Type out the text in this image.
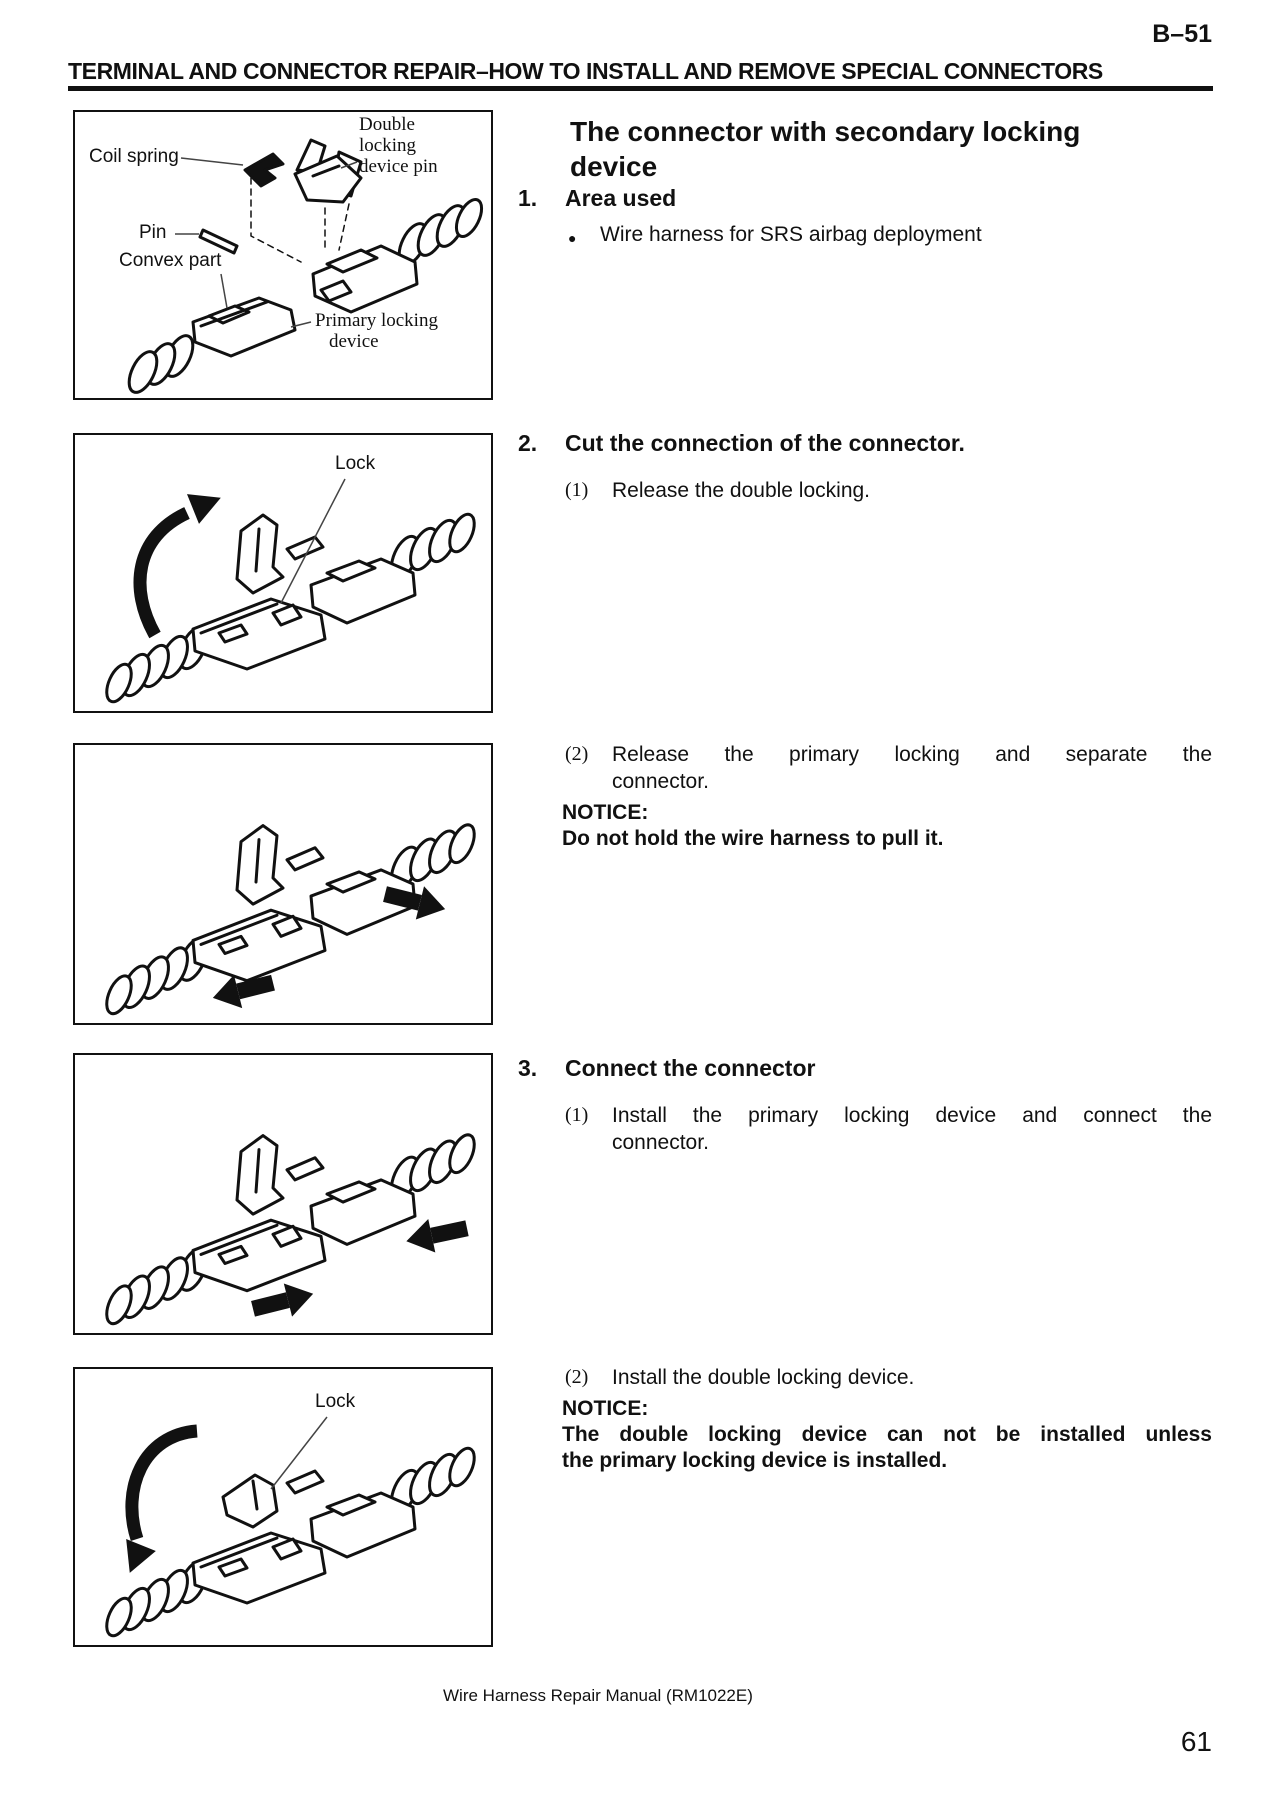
B–51
TERMINAL AND CONNECTOR REPAIR–HOW TO INSTALL AND REMOVE SPECIAL CONNECTORS
Coil spring
Double
locking
device pin
Pin
Convex part
Primary locking
device
Lock
Lock
The connector with secondary locking
device
1.	Area used
●	Wire harness for SRS airbag deployment
2.	Cut the connection of the connector.
(1)	Release the double locking.
(2)	Release the primary locking and separate the
connector.
NOTICE:
Do not hold the wire harness to pull it.
3.	Connect the connector
(1)	Install the primary locking device and connect the
connector.
(2)	Install the double locking device.
NOTICE:
The double locking device can not be installed unless
the primary locking device is installed.
Wire Harness Repair Manual (RM1022E)
61
